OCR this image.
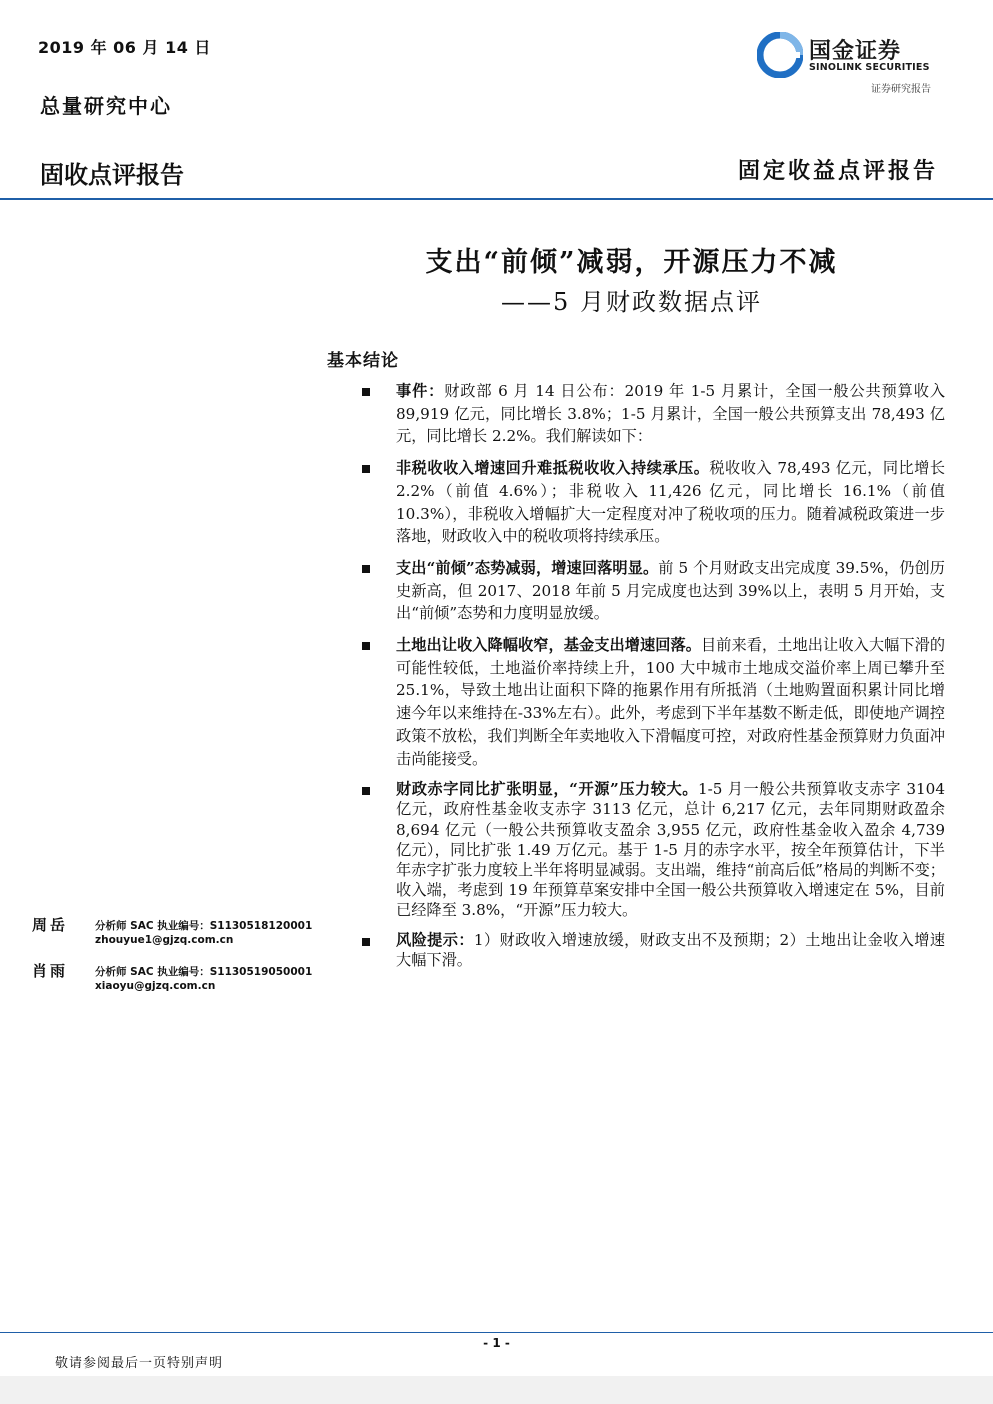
2019 年 06 月 14 日
总量研究中心
固收点评报告	固定收益点评报告
国金证券
SINOLINK SECURITIES
证券研究报告
支出“前倾”减弱，开源压力不减
——5 月财政数据点评
基本结论
事件：财政部 6 月 14 日公布：2019 年 1-5 月累计，全国一般公共预算收入 89,919 亿元，同比增长 3.8%；1-5 月累计，全国一般公共预算支出 78,493 亿元，同比增长 2.2%。我们解读如下：
非税收收入增速回升难抵税收收入持续承压。税收收入 78,493 亿元，同比增长 2.2%（前值 4.6%）；非税收入 11,426 亿元，同比增长 16.1%（前值 10.3%），非税收入增幅扩大一定程度对冲了税收项的压力。随着减税政策进一步落地，财政收入中的税收项将持续承压。
支出“前倾”态势减弱，增速回落明显。前 5 个月财政支出完成度 39.5%，仍创历史新高，但 2017、2018 年前 5 月完成度也达到 39%以上，表明 5 月开始，支出“前倾”态势和力度明显放缓。
土地出让收入降幅收窄，基金支出增速回落。目前来看，土地出让收入大幅下滑的可能性较低，土地溢价率持续上升，100 大中城市土地成交溢价率上周已攀升至 25.1%，导致土地出让面积下降的拖累作用有所抵消（土地购置面积累计同比增速今年以来维持在-33%左右）。此外，考虑到下半年基数不断走低，即使地产调控政策不放松，我们判断全年卖地收入下滑幅度可控，对政府性基金预算财力负面冲击尚能接受。
财政赤字同比扩张明显，“开源”压力较大。1-5 月一般公共预算收支赤字 3104 亿元，政府性基金收支赤字 3113 亿元，总计 6,217 亿元，去年同期财政盈余 8,694 亿元（一般公共预算收支盈余 3,955 亿元，政府性基金收入盈余 4,739 亿元），同比扩张 1.49 万亿元。基于 1-5 月的赤字水平，按全年预算估计，下半年赤字扩张力度较上半年将明显减弱。支出端，维持“前高后低”格局的判断不变；收入端，考虑到 19 年预算草案安排中全国一般公共预算收入增速定在 5%，目前已经降至 3.8%，“开源”压力较大。
风险提示：1）财政收入增速放缓，财政支出不及预期；2）土地出让金收入增速大幅下滑。
周岳	分析师 SAC 执业编号：S1130518120001
zhouyue1@gjzq.com.cn
肖雨	分析师 SAC 执业编号：S1130519050001
xiaoyu@gjzq.com.cn
- 1 -
敬请参阅最后一页特别声明
